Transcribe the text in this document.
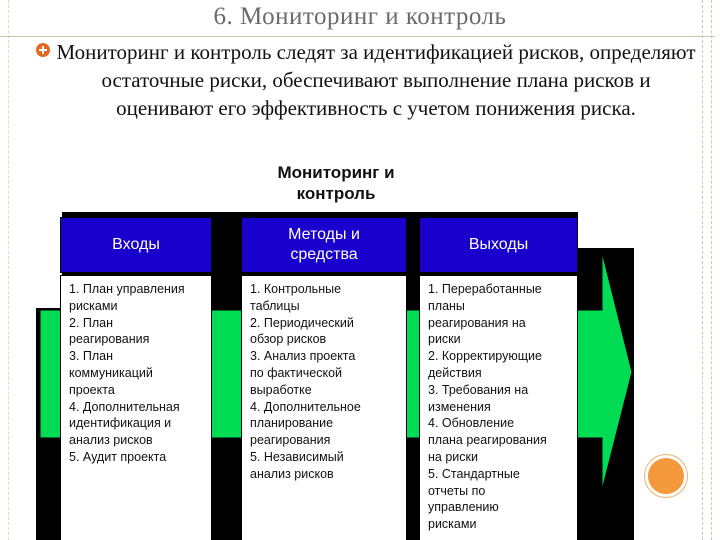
6. Мониторинг и контроль
Мониторинг и контроль следят за идентификацией рисков, определяют остаточные риски, обеспечивают выполнение плана рисков и оценивают его эффективность с учетом понижения риска.
Мониторинг и
контроль
Входы
1. План управления
рисками
2. План
реагирования
3. План
коммуникаций
проекта
4. Дополнительная
идентификация и
анализ рисков
5. Аудит проекта
Методы и
средства
1. Контрольные
таблицы
2. Периодический
обзор рисков
3. Анализ проекта
по фактической
выработке
4. Дополнительное
планирование
реагирования
5. Независимый
анализ рисков
Выходы
1. Переработанные
планы
реагирования на
риски
2. Корректирующие
действия
3. Требования на
изменения
4. Обновление
плана реагирования
на риски
5. Стандартные
отчеты по
управлению
рисками
